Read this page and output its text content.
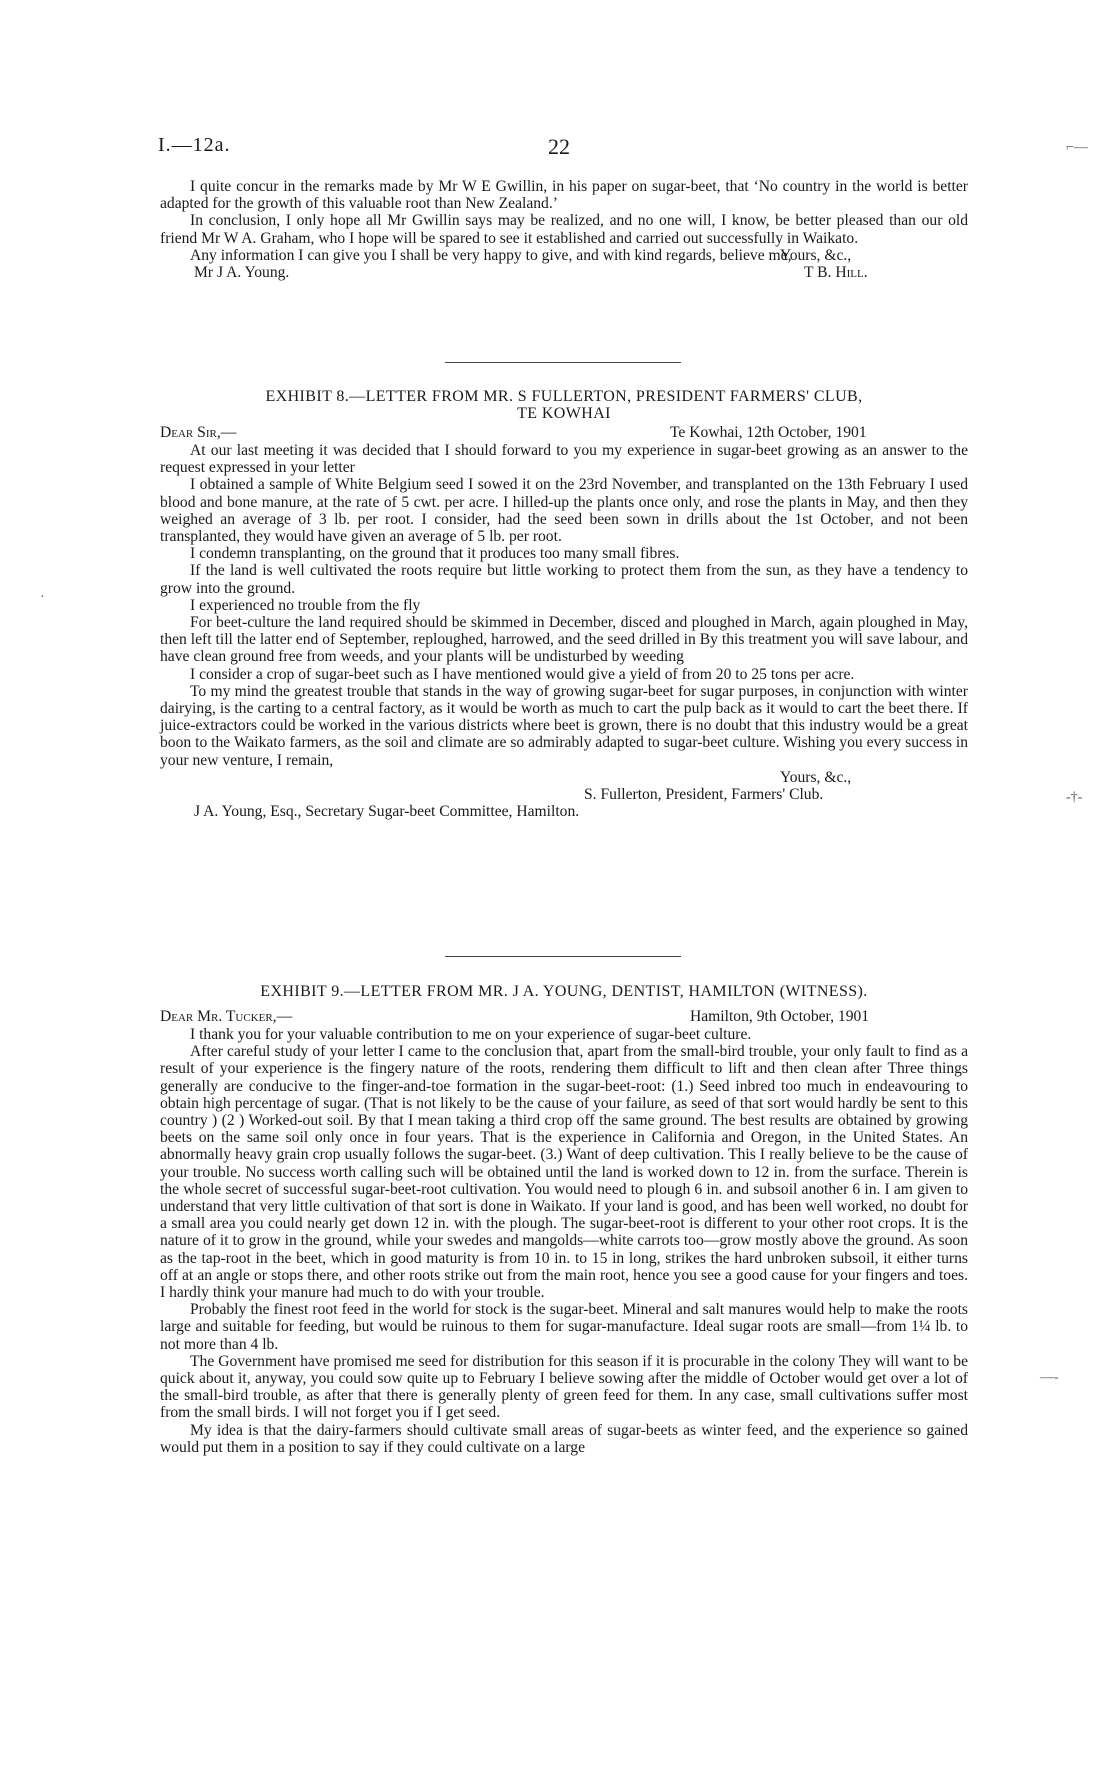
I.—12a.	22	⌐—
-†-
—‑
·

I quite concur in the remarks made by Mr W E Gwillin, in his paper on sugar-beet, that ‘No country in the world is better adapted for the growth of this valuable root than New Zealand.’

In conclusion, I only hope all Mr Gwillin says may be realized, and no one will, I know, be better pleased than our old friend Mr W A. Graham, who I hope will be spared to see it established and carried out successfully in Waikato.

Any information I can give you I shall be very happy to give, and with kind regards, believe me,

Yours, &c.,
Mr J A. Young.	T B. Hill.
EXHIBIT 8.—LETTER FROM MR. S FULLERTON, PRESIDENT FARMERS' CLUB,
TE KOWHAI
Dear Sir,—	Te Kowhai, 12th October, 1901

At our last meeting it was decided that I should forward to you my experience in sugar-beet growing as an answer to the request expressed in your letter

I obtained a sample of White Belgium seed I sowed it on the 23rd November, and transplanted on the 13th February I used blood and bone manure, at the rate of 5 cwt. per acre. I hilled-up the plants once only, and rose the plants in May, and then they weighed an average of 3 lb. per root. I consider, had the seed been sown in drills about the 1st October, and not been transplanted, they would have given an average of 5 lb. per root.

I condemn transplanting, on the ground that it produces too many small fibres.

If the land is well cultivated the roots require but little working to protect them from the sun, as they have a tendency to grow into the ground.

I experienced no trouble from the fly

For beet-culture the land required should be skimmed in December, disced and ploughed in March, again ploughed in May, then left till the latter end of September, reploughed, harrowed, and the seed drilled in By this treatment you will save labour, and have clean ground free from weeds, and your plants will be undisturbed by weeding

I consider a crop of sugar-beet such as I have mentioned would give a yield of from 20 to 25 tons per acre.

To my mind the greatest trouble that stands in the way of growing sugar-beet for sugar purposes, in conjunction with winter dairying, is the carting to a central factory, as it would be worth as much to cart the pulp back as it would to cart the beet there. If juice-extractors could be worked in the various districts where beet is grown, there is no doubt that this industry would be a great boon to the Waikato farmers, as the soil and climate are so admirably adapted to sugar-beet culture. Wishing you every success in your new venture, I remain,

Yours, &c.,
S. Fullerton, President, Farmers' Club.
J A. Young, Esq., Secretary Sugar-beet Committee, Hamilton.
EXHIBIT 9.—LETTER FROM MR. J A. YOUNG, DENTIST, HAMILTON (WITNESS).
Dear Mr. Tucker,—	Hamilton, 9th October, 1901

I thank you for your valuable contribution to me on your experience of sugar-beet culture.

After careful study of your letter I came to the conclusion that, apart from the small-bird trouble, your only fault to find as a result of your experience is the fingery nature of the roots, rendering them difficult to lift and then clean after Three things generally are conducive to the finger-and-toe formation in the sugar-beet-root: (1.) Seed inbred too much in endeavouring to obtain high percentage of sugar. (That is not likely to be the cause of your failure, as seed of that sort would hardly be sent to this country ) (2 ) Worked-out soil. By that I mean taking a third crop off the same ground. The best results are obtained by growing beets on the same soil only once in four years. That is the experience in California and Oregon, in the United States. An abnormally heavy grain crop usually follows the sugar-beet. (3.) Want of deep cultivation. This I really believe to be the cause of your trouble. No success worth calling such will be obtained until the land is worked down to 12 in. from the surface. Therein is the whole secret of successful sugar-beet-root cultivation. You would need to plough 6 in. and subsoil another 6 in. I am given to understand that very little cultivation of that sort is done in Waikato. If your land is good, and has been well worked, no doubt for a small area you could nearly get down 12 in. with the plough. The sugar-beet-root is different to your other root crops. It is the nature of it to grow in the ground, while your swedes and mangolds—white carrots too—grow mostly above the ground. As soon as the tap-root in the beet, which in good maturity is from 10 in. to 15 in long, strikes the hard unbroken subsoil, it either turns off at an angle or stops there, and other roots strike out from the main root, hence you see a good cause for your fingers and toes. I hardly think your manure had much to do with your trouble.

Probably the finest root feed in the world for stock is the sugar-beet. Mineral and salt manures would help to make the roots large and suitable for feeding, but would be ruinous to them for sugar-manufacture. Ideal sugar roots are small—from 1¼ lb. to not more than 4 lb.

The Government have promised me seed for distribution for this season if it is procurable in the colony They will want to be quick about it, anyway, you could sow quite up to February I believe sowing after the middle of October would get over a lot of the small-bird trouble, as after that there is generally plenty of green feed for them. In any case, small cultivations suffer most from the small birds. I will not forget you if I get seed.

My idea is that the dairy-farmers should cultivate small areas of sugar-beets as winter feed, and the experience so gained would put them in a position to say if they could cultivate on a large
